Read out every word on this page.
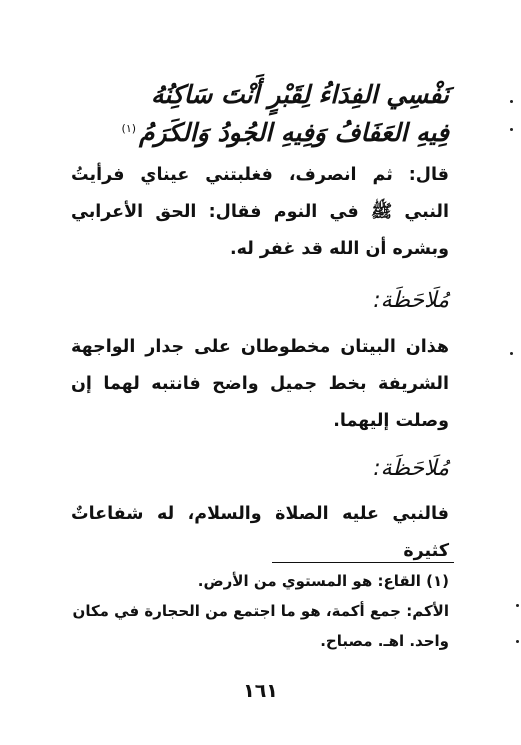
نَفْسِي الفِدَاءُ لِقَبْرٍ أَنْتَ سَاكِنُهُ
فِيهِ العَفَافُ وَفِيهِ الجُودُ وَالكَرَمُ$^{(١)}$
قال: ثم انصرف، فغلبتني عيناي فرأيتُ النبي ﷺ في النوم فقال: الحق الأعرابي وبشره أن الله قد غفر له.
مُلَاحَظَة:
هذان البيتان مخطوطان على جدار الواجهة الشريفة بخط جميل واضح فانتبه لهما إن وصلت إليهما.
مُلَاحَظَة:
فالنبي عليه الصلاة والسلام، له شفاعاتٌ كثيرة
(١) القاع: هو المستوي من الأرض.
الأكم: جمع أكمة، هو ما اجتمع من الحجارة في مكان واحد. اهـ. مصباح.
١٦١
